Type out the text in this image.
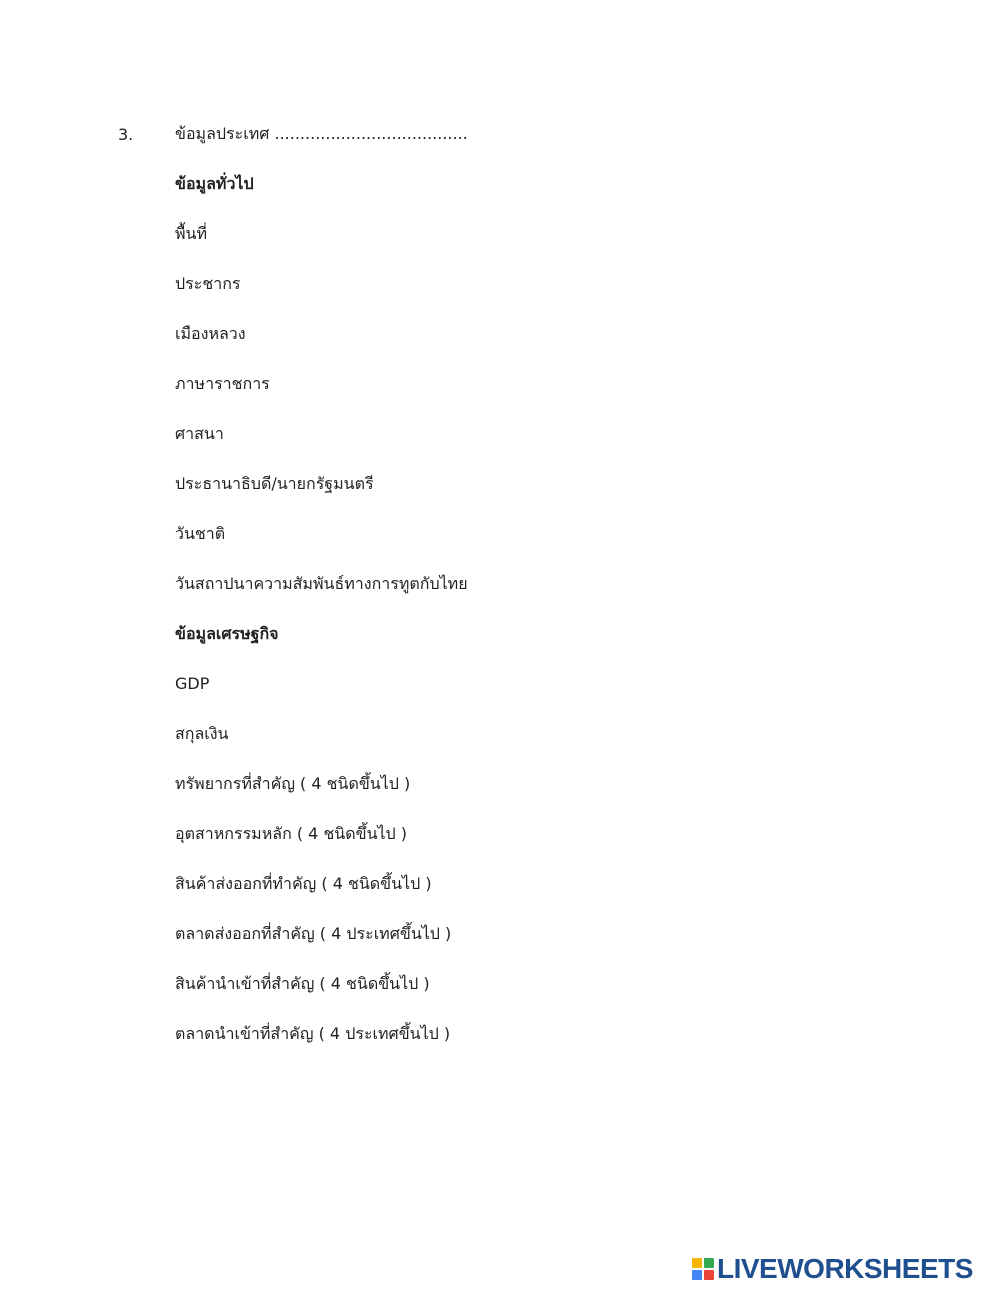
3.	ข้อมูลประเทศ ......................................
ข้อมูลทั่วไป
พื้นที่
ประชากร
เมืองหลวง
ภาษาราชการ
ศาสนา
ประธานาธิบดี/นายกรัฐมนตรี
วันชาติ
วันสถาปนาความสัมพันธ์ทางการทูตกับไทย
ข้อมูลเศรษฐกิจ
GDP
สกุลเงิน
ทรัพยากรที่สำคัญ ( 4 ชนิดขึ้นไป )
อุตสาหกรรมหลัก ( 4 ชนิดขึ้นไป )
สินค้าส่งออกที่ทำคัญ ( 4 ชนิดขึ้นไป )
ตลาดส่งออกที่สำคัญ ( 4 ประเทศขึ้นไป )
สินค้านำเข้าที่สำคัญ ( 4 ชนิดขึ้นไป )
ตลาดนำเข้าที่สำคัญ ( 4 ประเทศขึ้นไป )
LIVEWORKSHEETS
